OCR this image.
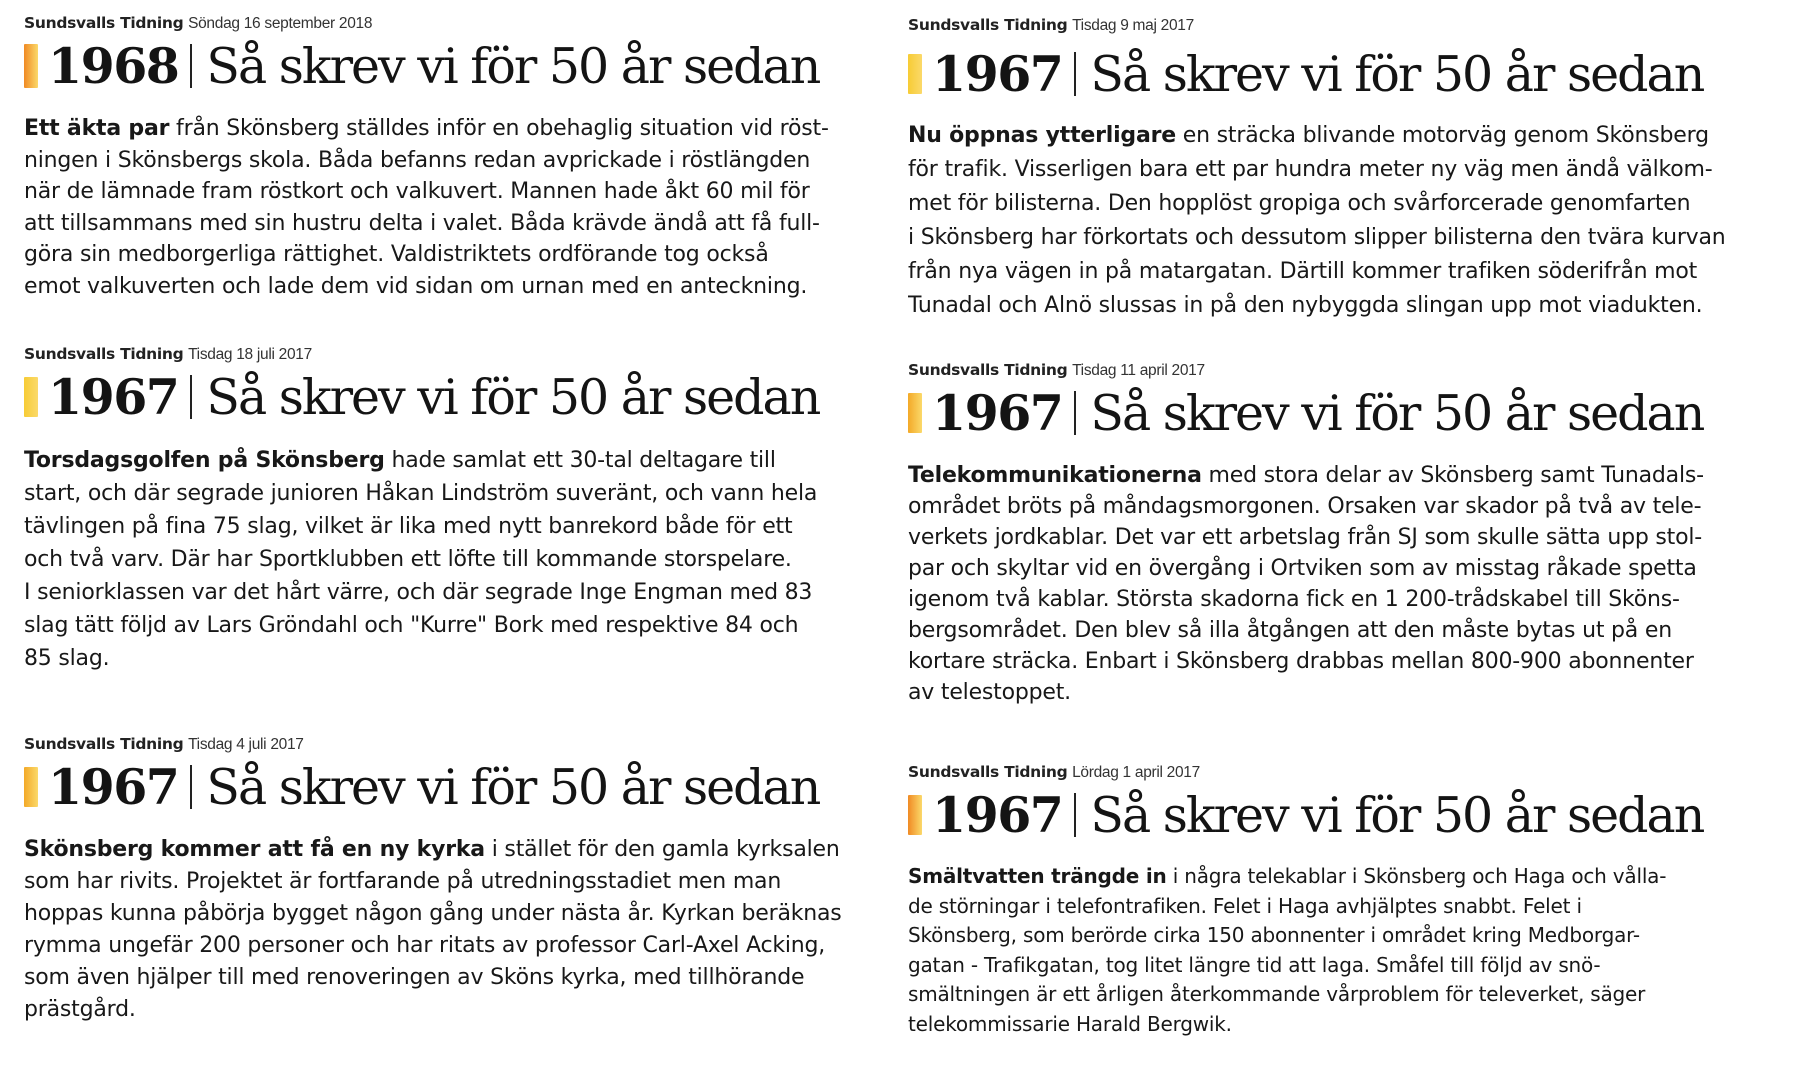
Sundsvalls Tidning Söndag 16 september 2018
1968 Så skrev vi för 50 år sedan
Ett äkta par från Skönsberg ställdes inför en obehaglig situation vid röst-
ningen i Skönsbergs skola. Båda befanns redan avprickade i röstlängden
när de lämnade fram röstkort och valkuvert. Mannen hade åkt 60 mil för
att tillsammans med sin hustru delta i valet. Båda krävde ändå att få full-
göra sin medborgerliga rättighet. Valdistriktets ordförande tog också
emot valkuverten och lade dem vid sidan om urnan med en anteckning.
Sundsvalls Tidning Tisdag 18 juli 2017
1967 Så skrev vi för 50 år sedan
Torsdagsgolfen på Skönsberg hade samlat ett 30-tal deltagare till
start, och där segrade junioren Håkan Lindström suveränt, och vann hela
tävlingen på fina 75 slag, vilket är lika med nytt banrekord både för ett
och två varv. Där har Sportklubben ett löfte till kommande storspelare.
I seniorklassen var det hårt värre, och där segrade Inge Engman med 83
slag tätt följd av Lars Gröndahl och "Kurre" Bork med respektive 84 och
85 slag.
Sundsvalls Tidning Tisdag 4 juli 2017
1967 Så skrev vi för 50 år sedan
Skönsberg kommer att få en ny kyrka i stället för den gamla kyrksalen
som har rivits. Projektet är fortfarande på utredningsstadiet men man
hoppas kunna påbörja bygget någon gång under nästa år. Kyrkan beräknas
rymma ungefär 200 personer och har ritats av professor Carl-Axel Acking,
som även hjälper till med renoveringen av Sköns kyrka, med tillhörande
prästgård.
Sundsvalls Tidning Tisdag 9 maj 2017
1967 Så skrev vi för 50 år sedan
Nu öppnas ytterligare en sträcka blivande motorväg genom Skönsberg
för trafik. Visserligen bara ett par hundra meter ny väg men ändå välkom-
met för bilisterna. Den hopplöst gropiga och svårforcerade genomfarten
i Skönsberg har förkortats och dessutom slipper bilisterna den tvära kurvan
från nya vägen in på matargatan. Därtill kommer trafiken söderifrån mot
Tunadal och Alnö slussas in på den nybyggda slingan upp mot viadukten.
Sundsvalls Tidning Tisdag 11 april 2017
1967 Så skrev vi för 50 år sedan
Telekommunikationerna med stora delar av Skönsberg samt Tunadals-
området bröts på måndagsmorgonen. Orsaken var skador på två av tele-
verkets jordkablar. Det var ett arbetslag från SJ som skulle sätta upp stol-
par och skyltar vid en övergång i Ortviken som av misstag råkade spetta
igenom två kablar. Största skadorna fick en 1 200-trådskabel till Sköns-
bergsområdet. Den blev så illa åtgången att den måste bytas ut på en
kortare sträcka. Enbart i Skönsberg drabbas mellan 800-900 abonnenter
av telestoppet.
Sundsvalls Tidning Lördag 1 april 2017
1967 Så skrev vi för 50 år sedan
Smältvatten trängde in i några telekablar i Skönsberg och Haga och vålla-
de störningar i telefontrafiken. Felet i Haga avhjälptes snabbt. Felet i
Skönsberg, som berörde cirka 150 abonnenter i området kring Medborgar-
gatan - Trafikgatan, tog litet längre tid att laga. Småfel till följd av snö-
smältningen är ett årligen återkommande vårproblem för televerket, säger
telekommissarie Harald Bergwik.
